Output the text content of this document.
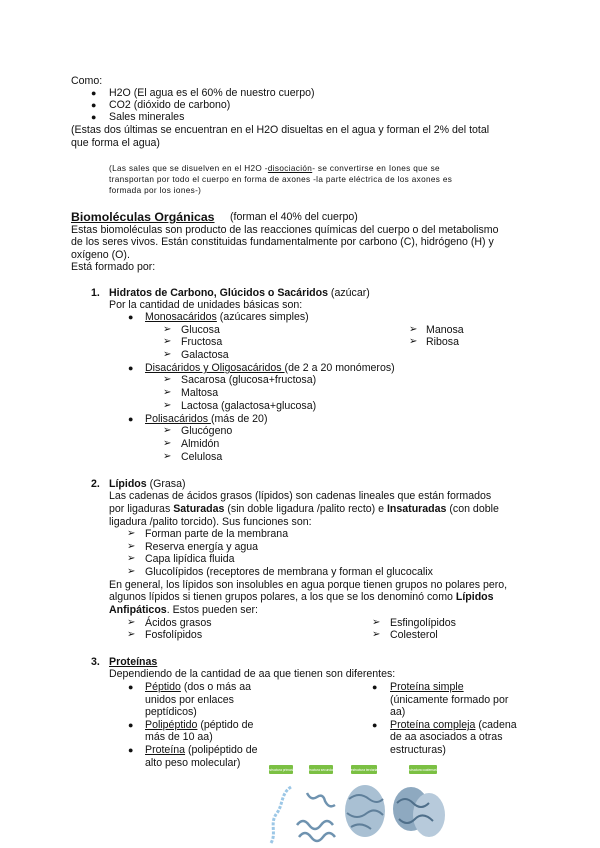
Como:
● H2O (El agua es el 60% de nuestro cuerpo)
● CO2 (dióxido de carbono)
● Sales minerales
(Estas dos últimas se encuentran en el H2O disueltas en el agua y forman el 2% del total
que forma el agua)
(Las sales que se disuelven en el H2O -disociación- se convertirse en Iones que se
transportan por todo el cuerpo en forma de axones -la parte eléctrica de los axones es
formada por los iones-)
Biomoléculas Orgánicas (forman el 40% del cuerpo)
Estas biomoléculas son producto de las reacciones químicas del cuerpo o del metabolismo
de los seres vivos. Están constituidas fundamentalmente por carbono (C), hidrógeno (H) y
oxígeno (O).
Está formado por:
1. Hidratos de Carbono, Glúcidos o Sacáridos (azúcar)
Por la cantidad de unidades básicas son:
● Monosacáridos (azúcares simples)
➢ Glucosa
➢ Fructosa
➢ Galactosa
➢ Manosa
➢ Ribosa
● Disacáridos y Oligosacáridos (de 2 a 20 monómeros)
➢ Sacarosa (glucosa+fructosa)
➢ Maltosa
➢ Lactosa (galactosa+glucosa)
● Polisacáridos (más de 20)
➢ Glucógeno
➢ Almidón
➢ Celulosa
2. Lípidos (Grasa)
Las cadenas de ácidos grasos (lípidos) son cadenas lineales que están formados
por ligaduras Saturadas (sin doble ligadura /palito recto) e Insaturadas (con doble
ligadura /palito torcido). Sus funciones son:
➢ Forman parte de la membrana
➢ Reserva energía y agua
➢ Capa lipídica fluida
➢ Glucolípidos (receptores de membrana y forman el glucocalix
En general, los lípidos son insolubles en agua porque tienen grupos no polares pero,
algunos lípidos si tienen grupos polares, a los que se los denominó como Lípidos
Anfipáticos. Estos pueden ser:
➢ Ácidos grasos
➢ Fosfolípidos
➢ Esfingolípidos
➢ Colesterol
3. Proteínas
Dependiendo de la cantidad de aa que tienen son diferentes:
● Péptido (dos o más aa
unidos por enlaces
peptídicos)
● Polipéptido (péptido de
más de 10 aa)
● Proteína (polipéptido de
alto peso molecular)
● Proteína simple
(únicamente formado por
aa)
● Proteína compleja (cadena
de aa asociados a otras
estructuras)
estructura primaria	estructura secundaria	estructura terciaria	estructura cuaternaria
